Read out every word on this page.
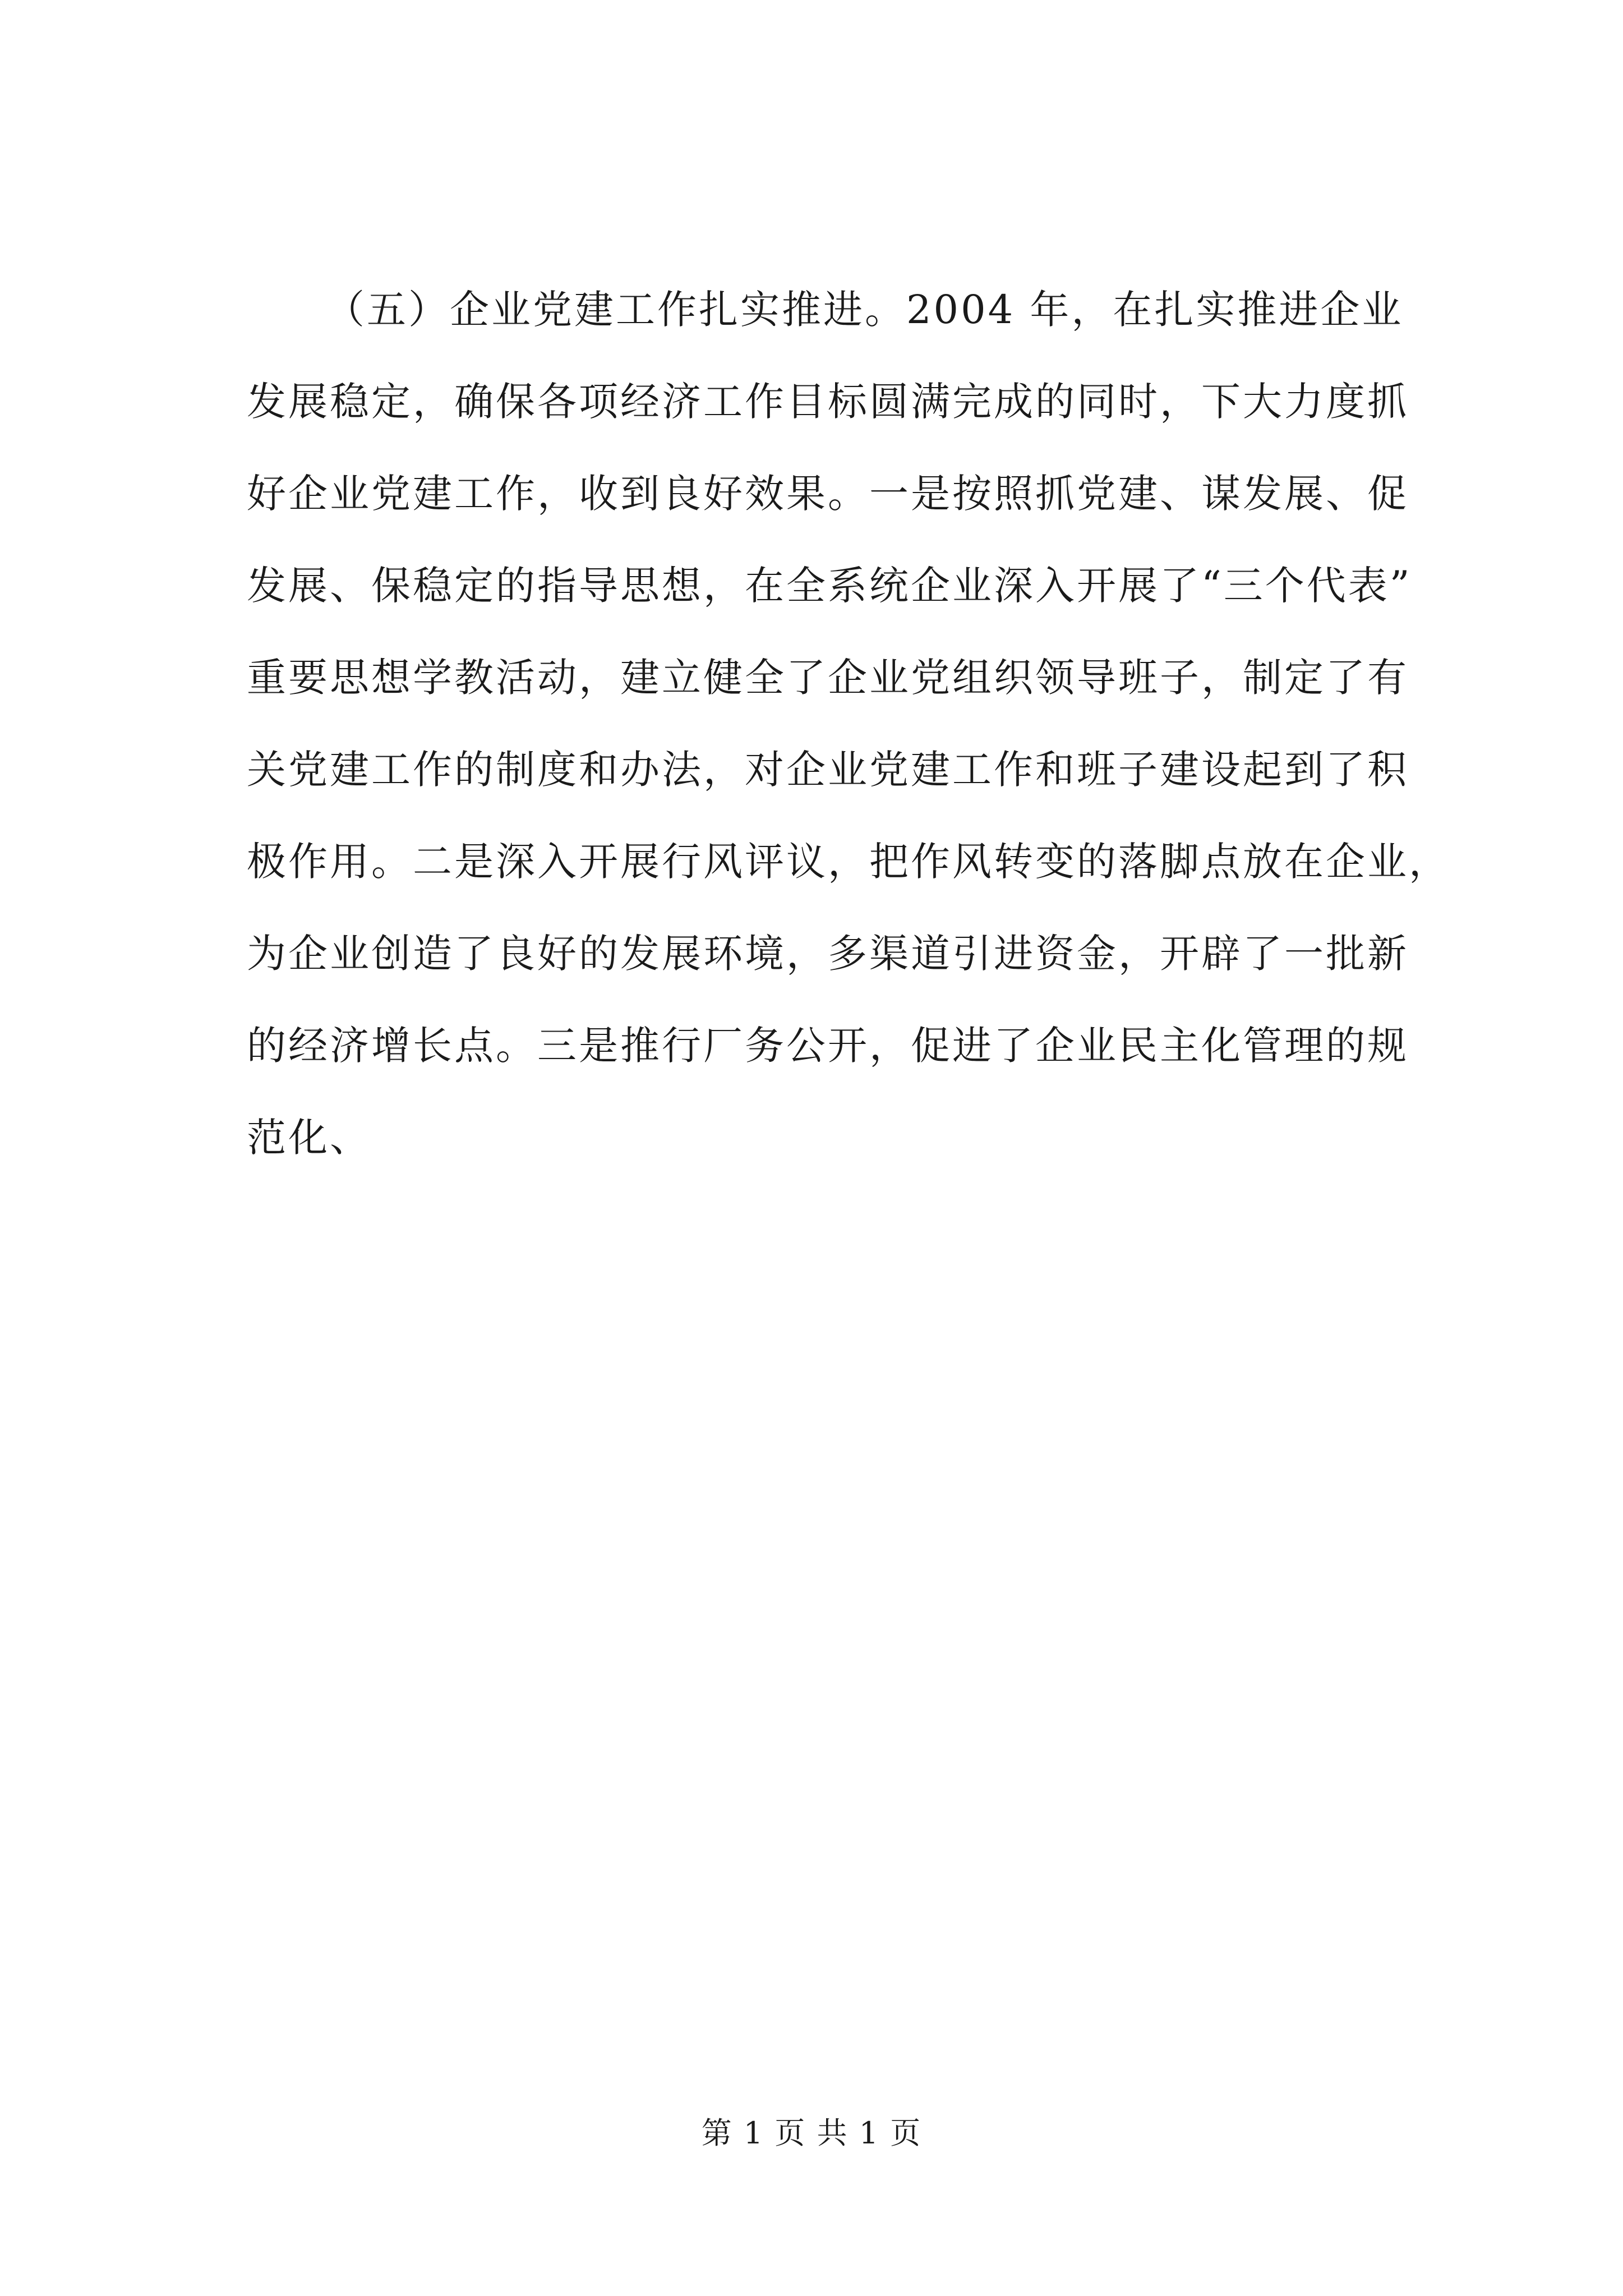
（五）企业党建工作扎实推进。2004 年，在扎实推进企业
发展稳定，确保各项经济工作目标圆满完成的同时，下大力度抓
好企业党建工作，收到良好效果。一是按照抓党建、谋发展、促
发展、保稳定的指导思想，在全系统企业深入开展了“三个代表”
重要思想学教活动，建立健全了企业党组织领导班子，制定了有
关党建工作的制度和办法，对企业党建工作和班子建设起到了积
极作用。二是深入开展行风评议，把作风转变的落脚点放在企业，
为企业创造了良好的发展环境，多渠道引进资金，开辟了一批新
的经济增长点。三是推行厂务公开，促进了企业民主化管理的规
范化、
第 1 页 共 1 页
